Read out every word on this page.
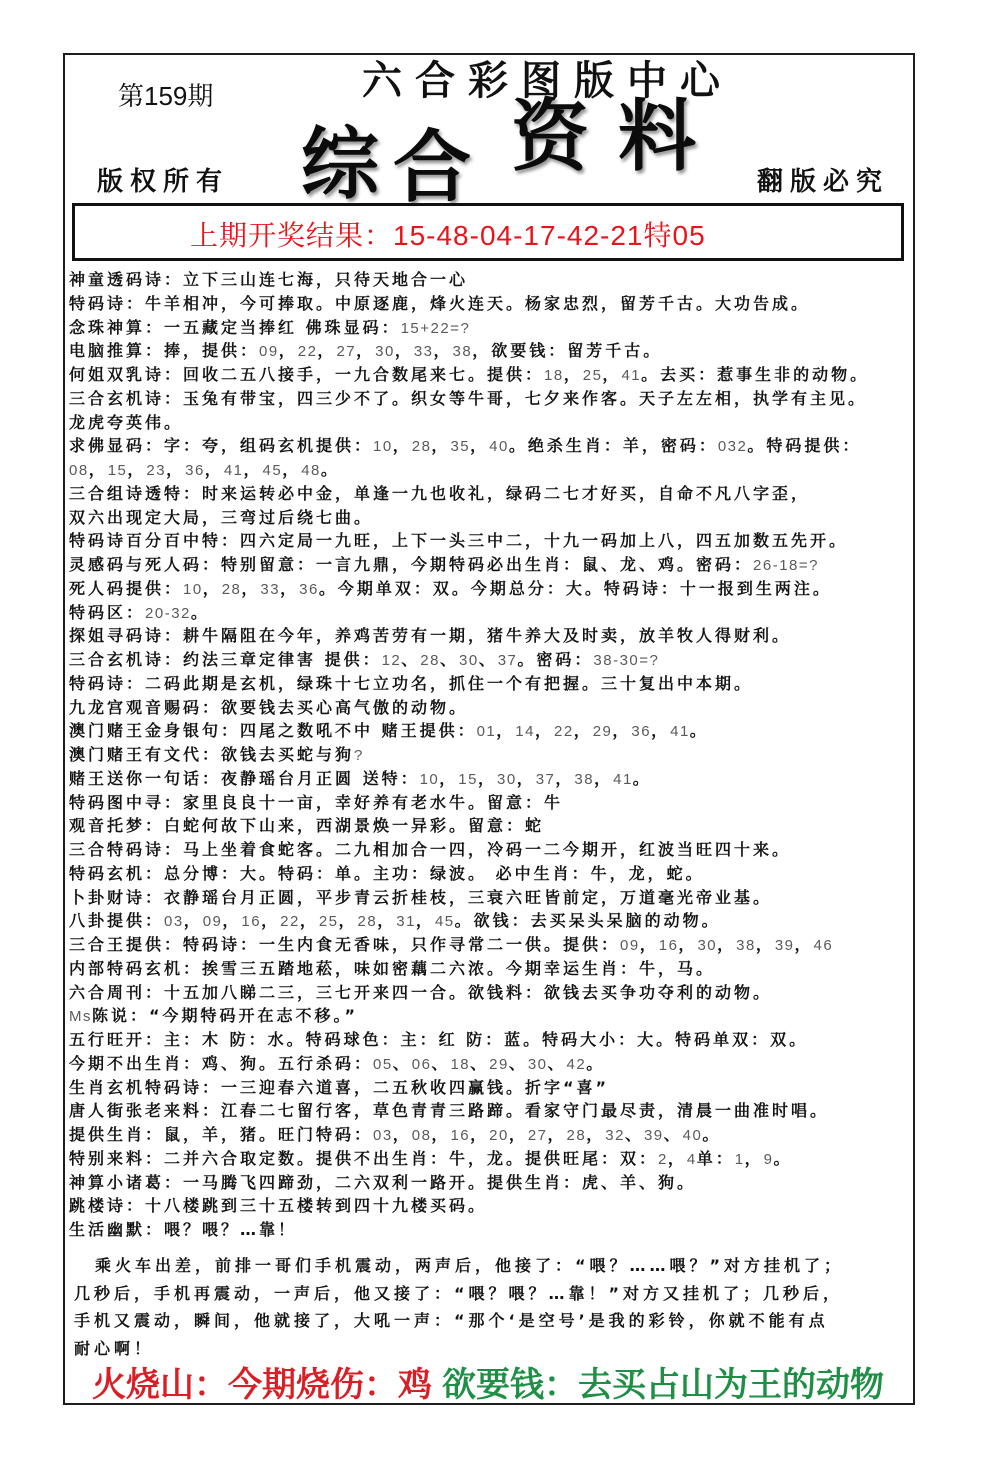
第159期	六合彩图版中心
综 合 资 料
版权所有	翻版必究
上期开奖结果：15-48-04-17-42-21特05
神童透码诗：立下三山连七海，只待天地合一心
特码诗：牛羊相冲，今可捧取。中原逐鹿，烽火连天。杨家忠烈，留芳千古。大功告成。
念珠神算：一五藏定当捧红 佛珠显码：15+22=?
电脑推算：捧，提供：09，22，27，30，33，38，欲要钱：留芳千古。
何姐双乳诗：回收二五八接手，一九合数尾来七。提供：18，25，41。去买：惹事生非的动物。
三合玄机诗：玉兔有带宝，四三少不了。织女等牛哥，七夕来作客。天子左左相，执学有主见。
龙虎夸英伟。
求佛显码：字：夸，组码玄机提供：10，28，35，40。绝杀生肖：羊，密码：032。特码提供：
08，15，23，36，41，45，48。
三合组诗透特：时来运转必中金，单逢一九也收礼，绿码二七才好买，自命不凡八字歪，
双六出现定大局，三弯过后绕七曲。
特码诗百分百中特：四六定局一九旺，上下一头三中二，十九一码加上八，四五加数五先开。
灵感码与死人码：特别留意：一言九鼎，今期特码必出生肖：鼠、龙、鸡。密码：26-18=?
死人码提供：10，28，33，36。今期单双：双。今期总分：大。特码诗：十一报到生两注。
特码区：20-32。
探姐寻码诗：耕牛隔阻在今年，养鸡苦劳有一期，猪牛养大及时卖，放羊牧人得财利。
三合玄机诗：约法三章定律害 提供：12、28、30、37。密码：38-30=?
特码诗：二码此期是玄机，绿珠十七立功名，抓住一个有把握。三十复出中本期。
九龙宫观音赐码：欲要钱去买心高气傲的动物。
澳门赌王金身银句：四尾之数吼不中 赌王提供：01，14，22，29，36，41。
澳门赌王有文代：欲钱去买蛇与狗?
赌王送你一句话：夜静瑶台月正圆 送特：10，15，30，37，38，41。
特码图中寻：家里良良十一亩，幸好养有老水牛。留意：牛
观音托梦：白蛇何故下山来，西湖景焕一异彩。留意：蛇
三合特码诗：马上坐着食蛇客。二九相加合一四，冷码一二今期开，红波当旺四十来。
特码玄机：总分博：大。特码：单。主功：绿波。 必中生肖：牛，龙，蛇。
卜卦财诗：衣静瑶台月正圆，平步青云折桂枝，三衰六旺皆前定，万道毫光帝业基。
八卦提供：03，09，16，22，25，28，31，45。欲钱：去买呆头呆脑的动物。
三合王提供：特码诗：一生内食无香味，只作寻常二一供。提供：09，16，30，38，39，46
内部特码玄机：挨雪三五踏地菘，味如密藕二六浓。今期幸运生肖：牛，马。
六合周刊：十五加八睇二三，三七开来四一合。欲钱料：欲钱去买争功夺利的动物。
Ms陈说：“今期特码开在志不移。”
五行旺开：主：木 防：水。特码球色：主：红 防：蓝。特码大小：大。特码单双：双。
今期不出生肖：鸡、狗。五行杀码：05、06、18、29、30、42。
生肖玄机特码诗：一三迎春六道喜，二五秋收四赢钱。折字“喜”
唐人街张老来料：江春二七留行客，草色青青三路蹄。看家守门最尽责，清晨一曲准时唱。
提供生肖：鼠，羊，猪。旺门特码：03，08，16，20，27，28，32、39、40。
特别来料：二并六合取定数。提供不出生肖：牛，龙。提供旺尾：双：2，4单：1，9。
神算小诸葛：一马腾飞四蹄劲，二六双利一路开。提供生肖：虎、羊、狗。
跳楼诗：十八楼跳到三十五楼转到四十九楼买码。
生活幽默：喂？喂？…靠！
乘火车出差，前排一哥们手机震动，两声后，他接了：“喂？……喂？”对方挂机了；
几秒后，手机再震动，一声后，他又接了：“喂？喂？…靠！”对方又挂机了；几秒后，
手机又震动，瞬间，他就接了，大吼一声：“那个‘是空号’是我的彩铃，你就不能有点
耐心啊！
火烧山：今期烧伤：鸡 欲要钱：去买占山为王的动物
